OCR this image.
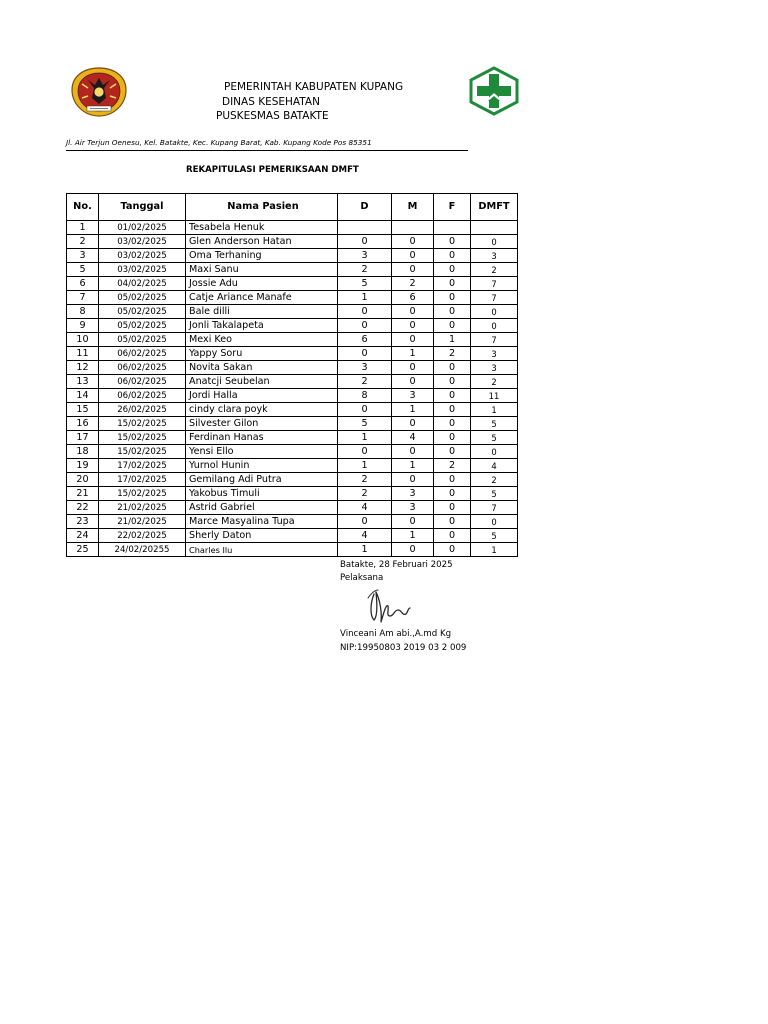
PEMERINTAH KABUPATEN KUPANG
DINAS KESEHATAN
PUSKESMAS BATAKTE
Jl. Air Terjun Oenesu, Kel. Batakte, Kec. Kupang Barat, Kab. Kupang Kode Pos 85351
REKAPITULASI PEMERIKSAAN DMFT
No.	Tanggal	Nama Pasien	D	M	F	DMFT
1	01/02/2025	Tesabela Henuk				
2	03/02/2025	Glen Anderson Hatan	0	0	0	0
3	03/02/2025	Oma Terhaning	3	0	0	3
5	03/02/2025	Maxi Sanu	2	0	0	2
6	04/02/2025	Jossie Adu	5	2	0	7
7	05/02/2025	Catje Ariance Manafe	1	6	0	7
8	05/02/2025	Bale dilli	0	0	0	0
9	05/02/2025	Jonli Takalapeta	0	0	0	0
10	05/02/2025	Mexi Keo	6	0	1	7
11	06/02/2025	Yappy Soru	0	1	2	3
12	06/02/2025	Novita Sakan	3	0	0	3
13	06/02/2025	Anatcji Seubelan	2	0	0	2
14	06/02/2025	Jordi Halla	8	3	0	11
15	26/02/2025	cindy clara poyk	0	1	0	1
16	15/02/2025	Silvester Gilon	5	0	0	5
17	15/02/2025	Ferdinan Hanas	1	4	0	5
18	15/02/2025	Yensi Ello	0	0	0	0
19	17/02/2025	Yurnol Hunin	1	1	2	4
20	17/02/2025	Gemilang Adi Putra	2	0	0	2
21	15/02/2025	Yakobus Timuli	2	3	0	5
22	21/02/2025	Astrid Gabriel	4	3	0	7
23	21/02/2025	Marce Masyalina Tupa	0	0	0	0
24	22/02/2025	Sherly Daton	4	1	0	5
25	24/02/20255	Charles Ilu	1	0	0	1
Batakte, 28 Februari 2025
Pelaksana
Vinceani Am abi.,A.md Kg
NIP:19950803 2019 03 2 009
